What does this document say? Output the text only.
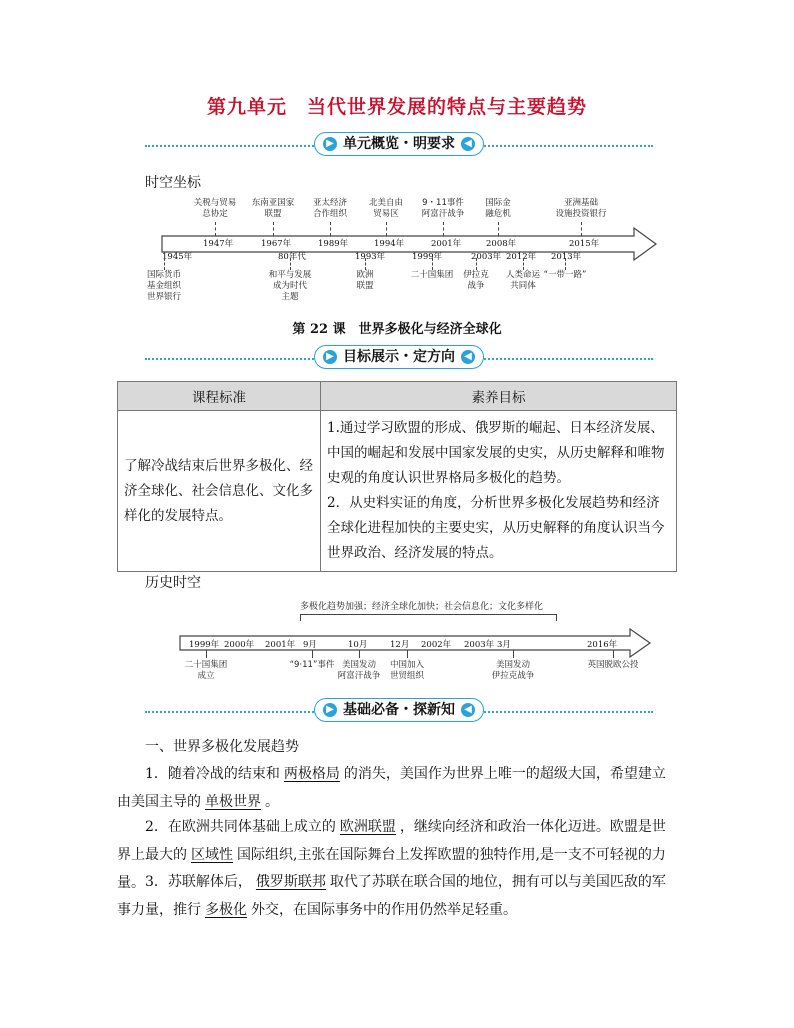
第九单元　当代世界发展的特点与主要趋势
▶ 单元概览・明要求 ◀
时空坐标
关税与贸易
总协定
1947年
东南亚国家
联盟
1967年
亚太经济
合作组织
1989年
北美自由
贸易区
1994年
9・11事件
阿富汗战争
2001年
国际金
融危机
2008年
亚洲基础
设施投资银行
2015年
1945年
国际货币
基金组织
世界银行
80年代
和平与发展
成为时代
主题
1993年
欧洲
联盟
1999年
二十国集团
2003年
伊拉克
战争
2012年
人类命运
共同体
2013年
“一带一路”
第 22 课　世界多极化与经济全球化
▶ 目标展示・定方向 ◀
课程标准	素养目标
了解冷战结束后世界多极化、经济全球化、社会信息化、文化多样化的发展特点。	1.通过学习欧盟的形成、俄罗斯的崛起、日本经济发展、中国的崛起和发展中国家发展的史实，从历史解释和唯物史观的角度认识世界格局多极化的趋势。
2．从史料实证的角度，分析世界多极化发展趋势和经济全球化进程加快的主要史实，从历史解释的角度认识当今世界政治、经济发展的特点。
历史时空
多极化趋势加强；经济全球化加快；社会信息化；文化多样化
1999年 2000年 2001年 9月	10月	12月 2002年 2003年 3月	2016年
二十国集团
成立
“9·11”事件 美国发动
阿富汗战争
中国加入
世贸组织
美国发动
伊拉克战争
英国脱欧公投
▶ 基础必备・探新知 ◀
一、世界多极化发展趋势
1．随着冷战的结束和 两极格局 的消失，美国作为世界上唯一的超级大国，希望建立由美国主导的 单极世界 。
2．在欧洲共同体基础上成立的 欧洲联盟 ，继续向经济和政治一体化迈进。欧盟是世界上最大的 区域性 国际组织,主张在国际舞台上发挥欧盟的独特作用,是一支不可轻视的力量。 3．苏联解体后， 俄罗斯联邦 取代了苏联在联合国的地位，拥有可以与美国匹敌的军事力量，推行 多极化 外交，在国际事务中的作用仍然举足轻重。
